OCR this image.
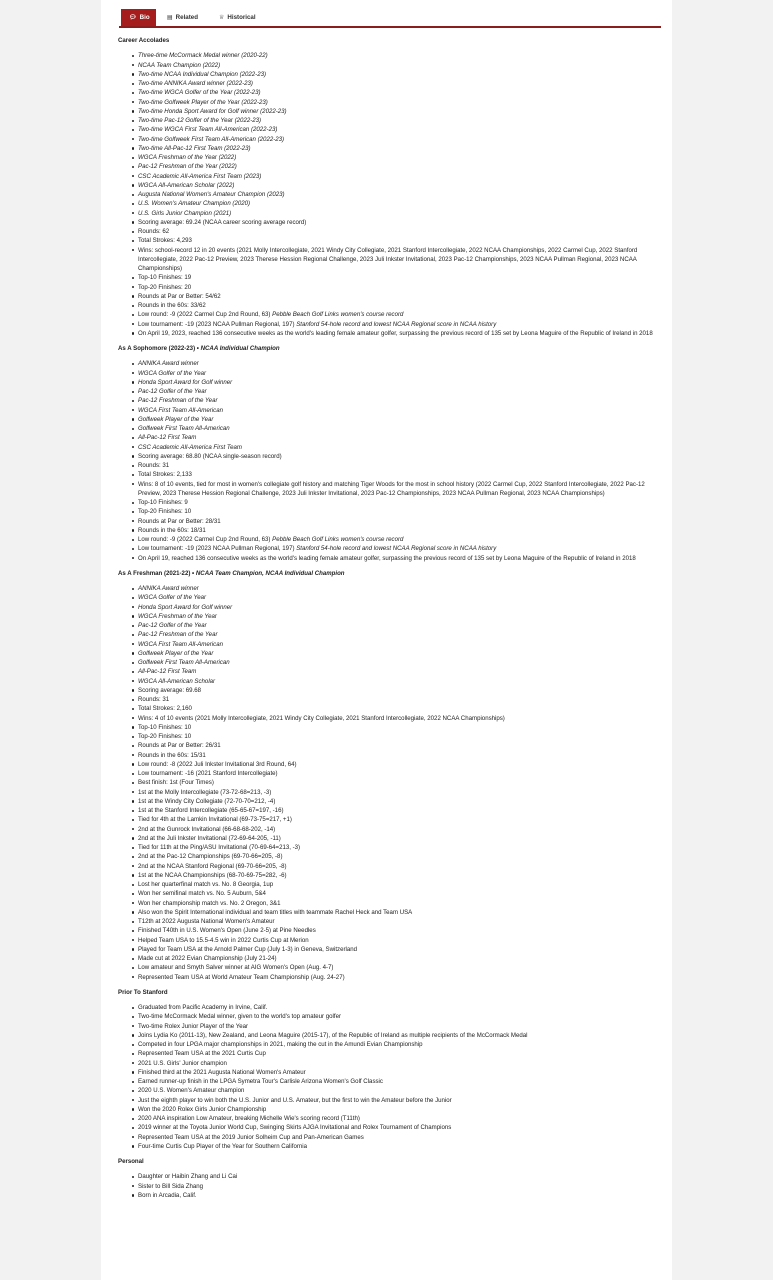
💬︎ Bio	▤ Related	♕ Historical

Career Accolades

Three-time McCormack Medal winner (2020-22)
NCAA Team Champion (2022)
Two-time NCAA Individual Champion (2022-23)
Two-time ANNIKA Award winner (2022-23)
Two-time WGCA Golfer of the Year (2022-23)
Two-time Golfweek Player of the Year (2022-23)
Two-time Honda Sport Award for Golf winner (2022-23)
Two-time Pac-12 Golfer of the Year (2022-23)
Two-time WGCA First Team All-American (2022-23)
Two-time Golfweek First Team All-American (2022-23)
Two-time All-Pac-12 First Team (2022-23)
WGCA Freshman of the Year (2022)
Pac-12 Freshman of the Year (2022)
CSC Academic All-America First Team (2023)
WGCA All-American Scholar (2022)
Augusta National Women's Amateur Champion (2023)
U.S. Women's Amateur Champion (2020)
U.S. Girls Junior Champion (2021)
Scoring average: 69.24 (NCAA career scoring average record)
Rounds: 62
Total Strokes: 4,293
Wins: school-record 12 in 20 events (2021 Molly Intercollegiate, 2021 Windy City Collegiate, 2021 Stanford Intercollegiate, 2022 NCAA Championships, 2022 Carmel Cup, 2022 Stanford Intercollegiate, 2022 Pac-12 Preview, 2023 Therese Hession Regional Challenge, 2023 Juli Inkster Invitational, 2023 Pac-12 Championships, 2023 NCAA Pullman Regional, 2023 NCAA Championships)
Top-10 Finishes: 19
Top-20 Finishes: 20
Rounds at Par or Better: 54/62
Rounds in the 60s: 33/62
Low round: -9 (2022 Carmel Cup 2nd Round, 63) Pebble Beach Golf Links women's course record
Low tournament: -19 (2023 NCAA Pullman Regional, 197) Stanford 54-hole record and lowest NCAA Regional score in NCAA history
On April 19, 2023, reached 136 consecutive weeks as the world's leading female amateur golfer, surpassing the previous record of 135 set by Leona Maguire of the Republic of Ireland in 2018

As A Sophomore (2022-23) • NCAA Individual Champion

ANNIKA Award winner
WGCA Golfer of the Year
Honda Sport Award for Golf winner
Pac-12 Golfer of the Year
Pac-12 Freshman of the Year
WGCA First Team All-American
Golfweek Player of the Year
Golfweek First Team All-American
All-Pac-12 First Team
CSC Academic All-America First Team
Scoring average: 68.80 (NCAA single-season record)
Rounds: 31
Total Strokes: 2,133
Wins: 8 of 10 events, tied for most in women's collegiate golf history and matching Tiger Woods for the most in school history (2022 Carmel Cup, 2022 Stanford Intercollegiate, 2022 Pac-12 Preview, 2023 Therese Hession Regional Challenge, 2023 Juli Inkster Invitational, 2023 Pac-12 Championships, 2023 NCAA Pullman Regional, 2023 NCAA Championships)
Top-10 Finishes: 9
Top-20 Finishes: 10
Rounds at Par or Better: 28/31
Rounds in the 60s: 18/31
Low round: -9 (2022 Carmel Cup 2nd Round, 63) Pebble Beach Golf Links women's course record
Low tournament: -19 (2023 NCAA Pullman Regional, 197) Stanford 54-hole record and lowest NCAA Regional score in NCAA history
On April 19, reached 136 consecutive weeks as the world's leading female amateur golfer, surpassing the previous record of 135 set by Leona Maguire of the Republic of Ireland in 2018

As A Freshman (2021-22) • NCAA Team Champion, NCAA Individual Champion

ANNIKA Award winner
WGCA Golfer of the Year
Honda Sport Award for Golf winner
WGCA Freshman of the Year
Pac-12 Golfer of the Year
Pac-12 Freshman of the Year
WGCA First Team All-American
Golfweek Player of the Year
Golfweek First Team All-American
All-Pac-12 First Team
WGCA All-American Scholar
Scoring average: 69.68
Rounds: 31
Total Strokes: 2,160
Wins: 4 of 10 events (2021 Molly Intercollegiate, 2021 Windy City Collegiate, 2021 Stanford Intercollegiate, 2022 NCAA Championships)
Top-10 Finishes: 10
Top-20 Finishes: 10
Rounds at Par or Better: 26/31
Rounds in the 60s: 15/31
Low round: -8 (2022 Juli Inkster Invitational 3rd Round, 64)
Low tournament: -16 (2021 Stanford Intercollegiate)
Best finish: 1st (Four Times)
1st at the Molly Intercollegiate (73-72-68=213, -3)
1st at the Windy City Collegiate (72-70-70=212, -4)
1st at the Stanford Intercollegiate (65-65-67=197, -16)
Tied for 4th at the Lamkin Invitational (69-73-75=217, +1)
2nd at the Gunrock Invitational (66-68-68-202, -14)
2nd at the Juli Inkster Invitational (72-69-64-205, -11)
Tied for 11th at the Ping/ASU Invitational (70-69-64=213, -3)
2nd at the Pac-12 Championships (69-70-66=205, -8)
2nd at the NCAA Stanford Regional (69-70-66=205, -8)
1st at the NCAA Championships (68-70-69-75=282, -6)
Lost her quarterfinal match vs. No. 8 Georgia, 1up
Won her semifinal match vs. No. 5 Auburn, 5&4
Won her championship match vs. No. 2 Oregon, 3&1
Also won the Spirit International individual and team titles with teammate Rachel Heck and Team USA
T12th at 2022 Augusta National Women's Amateur
Finished T40th in U.S. Women's Open (June 2-5) at Pine Needles
Helped Team USA to 15.5-4.5 win in 2022 Curtis Cup at Merion
Played for Team USA at the Arnold Palmer Cup (July 1-3) in Geneva, Switzerland
Made cut at 2022 Evian Championship (July 21-24)
Low amateur and Smyth Salver winner at AIG Women's Open (Aug. 4-7)
Represented Team USA at World Amateur Team Championship (Aug. 24-27)

Prior To Stanford

Graduated from Pacific Academy in Irvine, Calif.
Two-time McCormack Medal winner, given to the world's top amateur golfer
Two-time Rolex Junior Player of the Year
Joins Lydia Ko (2011-13), New Zealand, and Leona Maguire (2015-17), of the Republic of Ireland as multiple recipients of the McCormack Medal
Competed in four LPGA major championships in 2021, making the cut in the Amundi Evian Championship
Represented Team USA at the 2021 Curtis Cup
2021 U.S. Girls' Junior champion
Finished third at the 2021 Augusta National Women's Amateur
Earned runner-up finish in the LPGA Symetra Tour's Carlisle Arizona Women's Golf Classic
2020 U.S. Women's Amateur champion
Just the eighth player to win both the U.S. Junior and U.S. Amateur, but the first to win the Amateur before the Junior
Won the 2020 Rolex Girls Junior Championship
2020 ANA inspiration Low Amateur, breaking Michelle Wie's scoring record (T11th)
2019 winner at the Toyota Junior World Cup, Swinging Skirts AJGA Invitational and Rolex Tournament of Champions
Represented Team USA at the 2019 Junior Solheim Cup and Pan-American Games
Four-time Curtis Cup Player of the Year for Southern California

Personal

Daughter or Haibin Zhang and Li Cai
Sister to Bill Sida Zhang
Born in Arcadia, Calif.
